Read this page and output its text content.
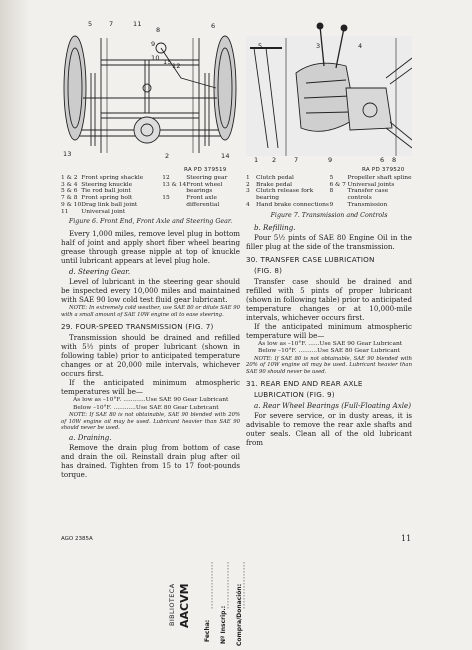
RA PD 379519
5	7	11
8
9
10 15 12
6
13	2	14
1 & 2	Front spring shackle	12	Steering gear
3 & 4	Steering knuckle	13 & 14	Front wheel
5 & 6	Tie rod ball joint		bearings
7 & 8	Front spring bolt	15	Front axle
9 & 10	Drag link ball joint		differential
11	Universal joint		
Figure 6. Front End, Front Axle and Steering Gear.

Every 1,000 miles, remove level plug in bottom half of joint and apply short fiber wheel bearing grease through grease nipple at top of knuckle until lubricant appears at level plug hole.

d. Steering Gear.

Level of lubricant in the steering gear should be inspected every 10,000 miles and maintained with SAE 90 low cold test fluid gear lubricant.

NOTE: In extremely cold weather, use SAE 80 or dilute SAE 90 with a small amount of SAE 10W engine oil to ease steering.
29. FOUR-SPEED TRANSMISSION (FIG. 7)

Transmission should be drained and refilled with 5½ pints of proper lubricant (shown in following table) prior to anticipated temperature changes or at 20,000 mile intervals, whichever occurs first.

If the anticipated minimum atmospheric temperatures will be—

As low as –10°F. ............Use SAE 90 Gear Lubricant
Below –10°F. ............Use SAE 80 Gear Lubricant
NOTE: If SAE 80 is not obtainable, SAE 90 blended with 20% of 10W engine oil may be used. Lubricant heavier than SAE 90 should never be used.
a. Draining.

Remove the drain plug from bottom of case and drain the oil. Reinstall drain plug after oil has drained. Tighten from 15 to 17 foot-pounds torque.

RA PD 379520
5	3	4
1 2	7	9	6 8
1	Clutch pedal	5	Propeller shaft spline
2	Brake pedal	6 & 7	Universal joints
3	Clutch release fork	8	Transfer case
	bearing		controls
4	Hand brake connections	9	Transmission
Figure 7. Transmission and Controls
b. Refilling.

Pour 5½ pints of SAE 80 Engine Oil in the filler plug at the side of the transmission.

30. TRANSFER CASE LUBRICATION
(FIG. 8)

Transfer case should be drained and refilled with 5 pints of proper lubricant (shown in following table) prior to anticipated temperature changes or at 10,000-mile intervals, whichever occurs first.

If the anticipated minimum atmospheric temperature will be—

As low as –10°F. ......Use SAE 90 Gear Lubricant
Below –10°F. ..........Use SAE 80 Gear Lubricant
NOTE: If SAE 80 is not obtainable, SAE 90 blended with 20% of 10W engine oil may be used. Lubricant heavier than SAE 90 should never be used.
31. REAR END AND REAR AXLE
LUBRICATION (FIG. 9)
a. Rear Wheel Bearings (Full-Floating Axle)

For severe service, or in dusty areas, it is advisable to remove the rear axle shafts and outer seals. Clean all of the old lubricant from

AGO 2385A	11
BIBLIOTECA AACVM
Fecha: Nº Inscrip.: Compra/Donación:
